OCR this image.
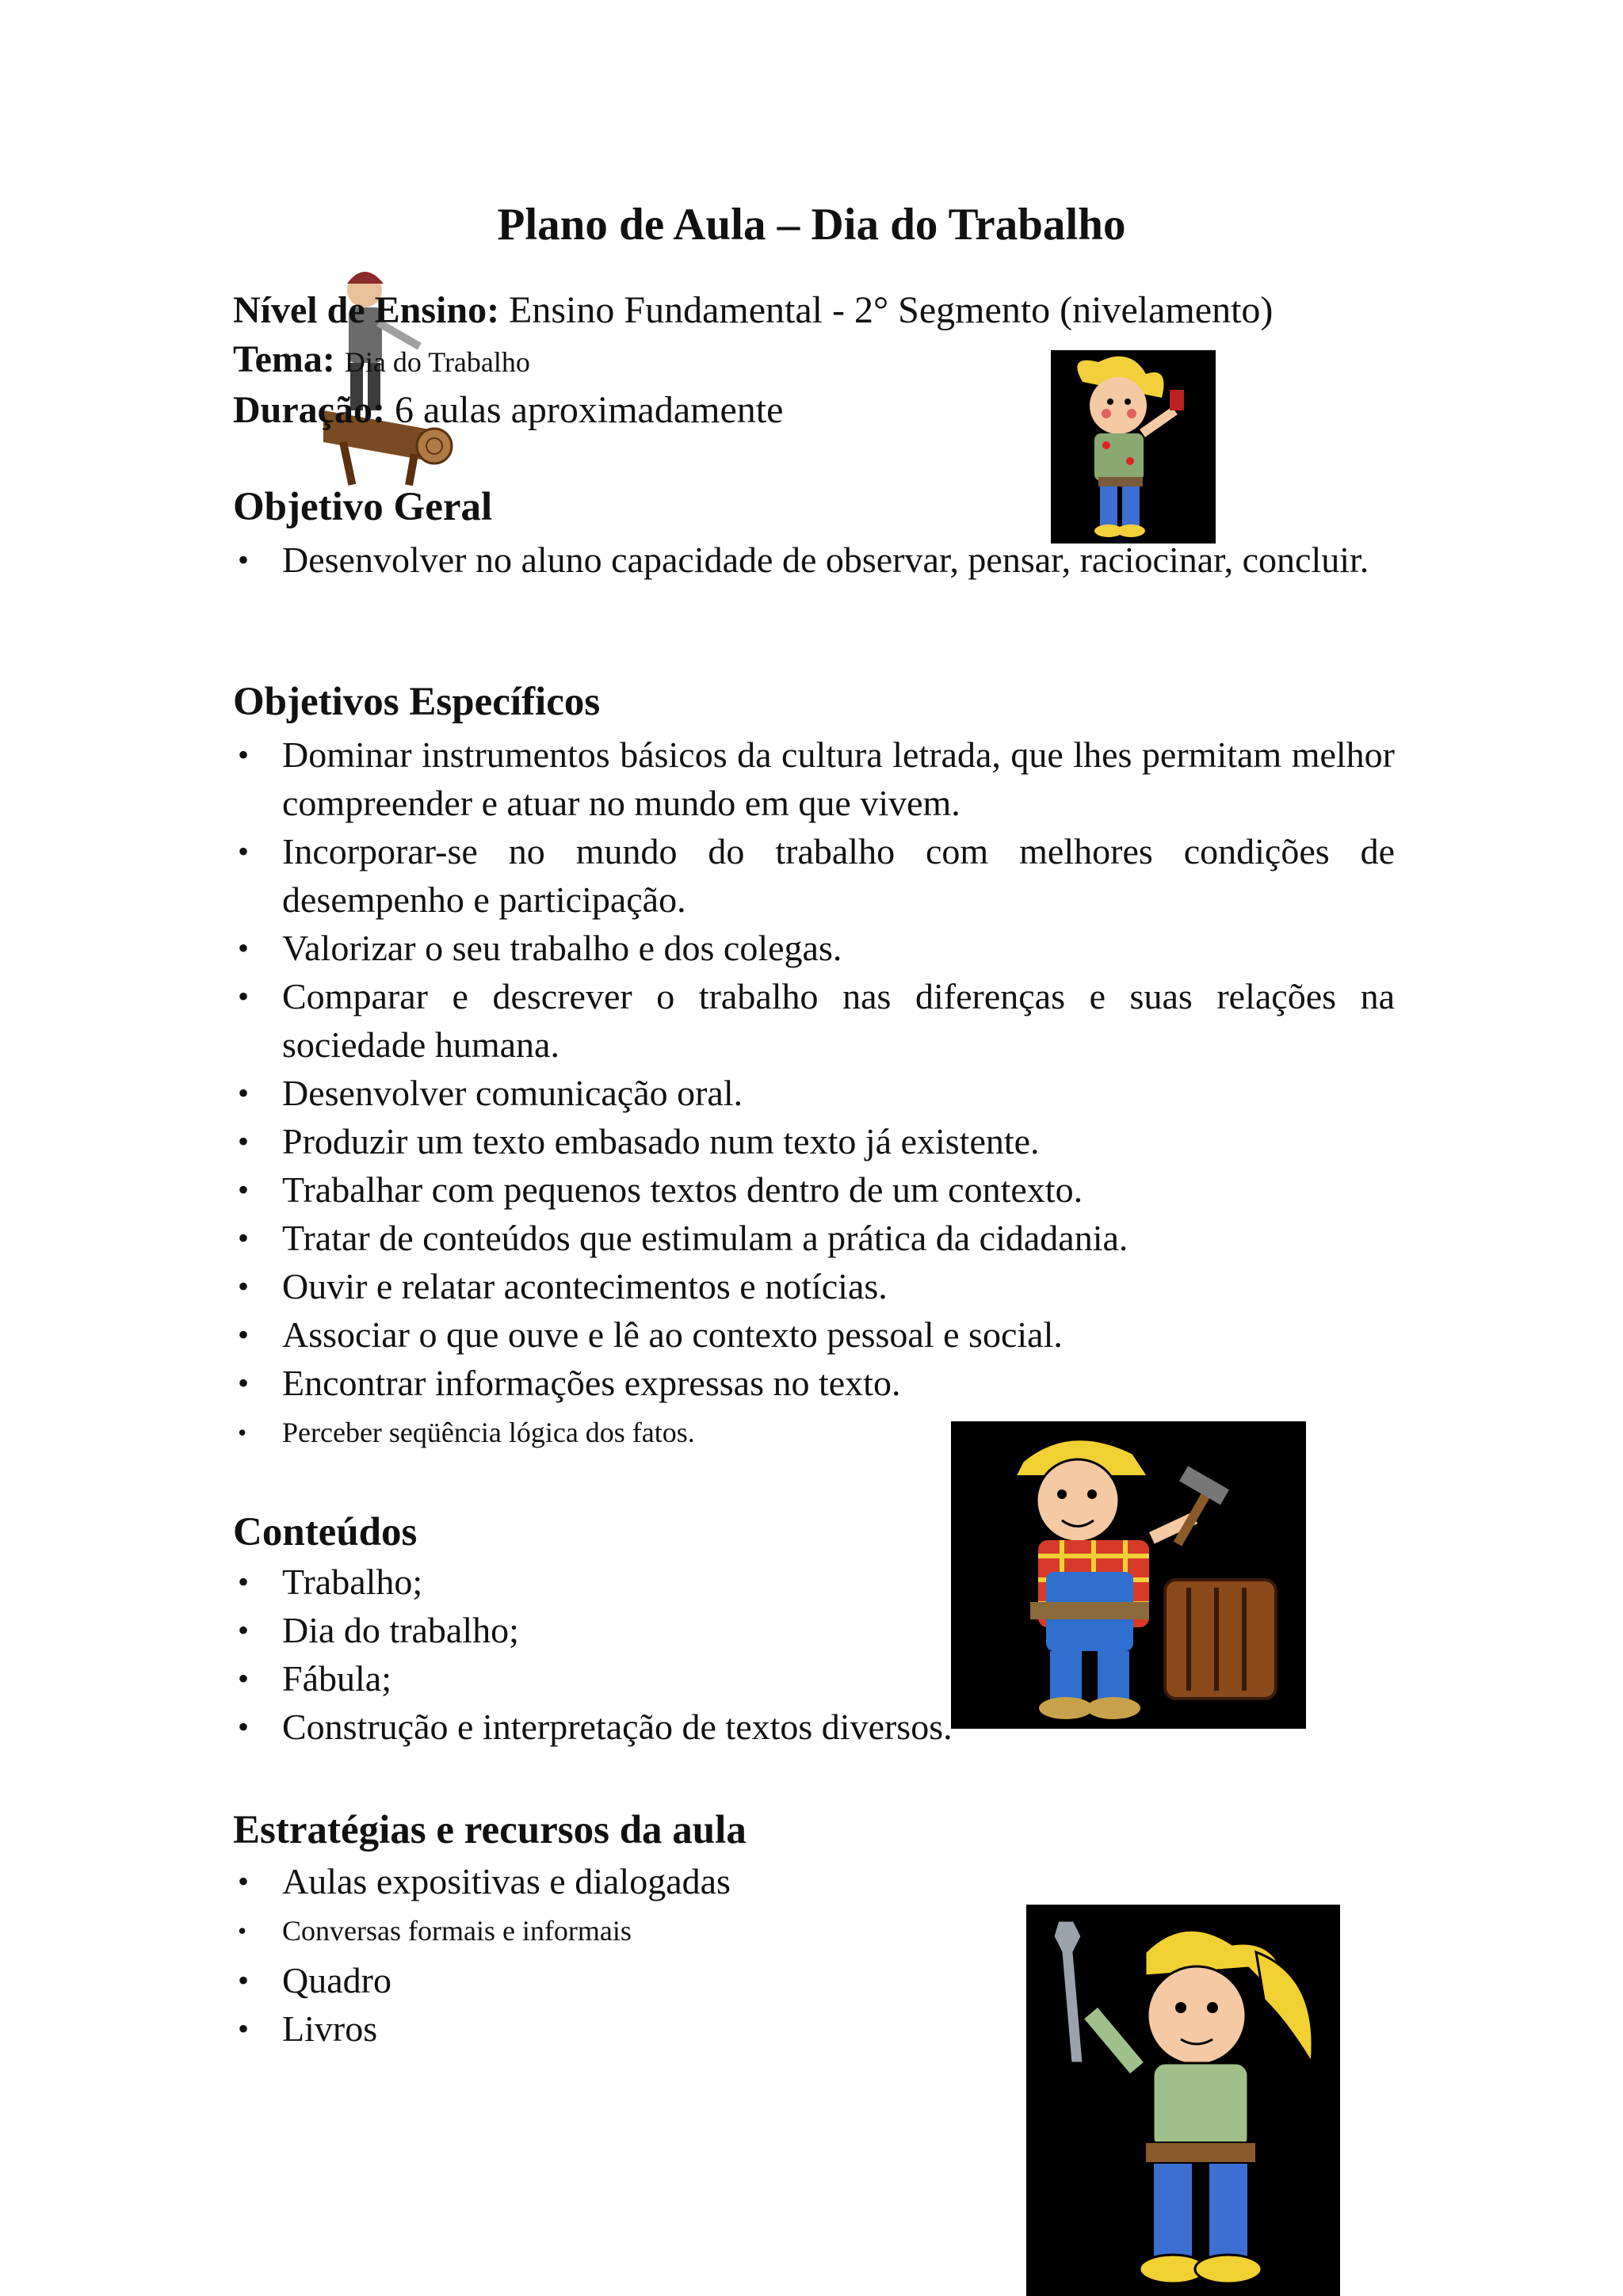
Plano de Aula – Dia do Trabalho
Nível de Ensino: Ensino Fundamental - 2° Segmento (nivelamento)
Tema: Dia do Trabalho
Duração: 6 aulas aproximadamente
Objetivo Geral
• Desenvolver no aluno capacidade de observar, pensar, raciocinar, concluir.
Objetivos Específicos
• Dominar instrumentos básicos da cultura letrada, que lhes permitam melhor compreender e atuar no mundo em que vivem.
• Incorporar-se no mundo do trabalho com melhores condições de desempenho e participação.
• Valorizar o seu trabalho e dos colegas.
• Comparar e descrever o trabalho nas diferenças e suas relações na sociedade humana.
• Desenvolver comunicação oral.
• Produzir um texto embasado num texto já existente.
• Trabalhar com pequenos textos dentro de um contexto.
• Tratar de conteúdos que estimulam a prática da cidadania.
• Ouvir e relatar acontecimentos e notícias.
• Associar o que ouve e lê ao contexto pessoal e social.
• Encontrar informações expressas no texto.
• Perceber seqüência lógica dos fatos.
Conteúdos
• Trabalho;
• Dia do trabalho;
• Fábula;
• Construção e interpretação de textos diversos.
Estratégias e recursos da aula
• Aulas expositivas e dialogadas
• Conversas formais e informais
• Quadro
• Livros
